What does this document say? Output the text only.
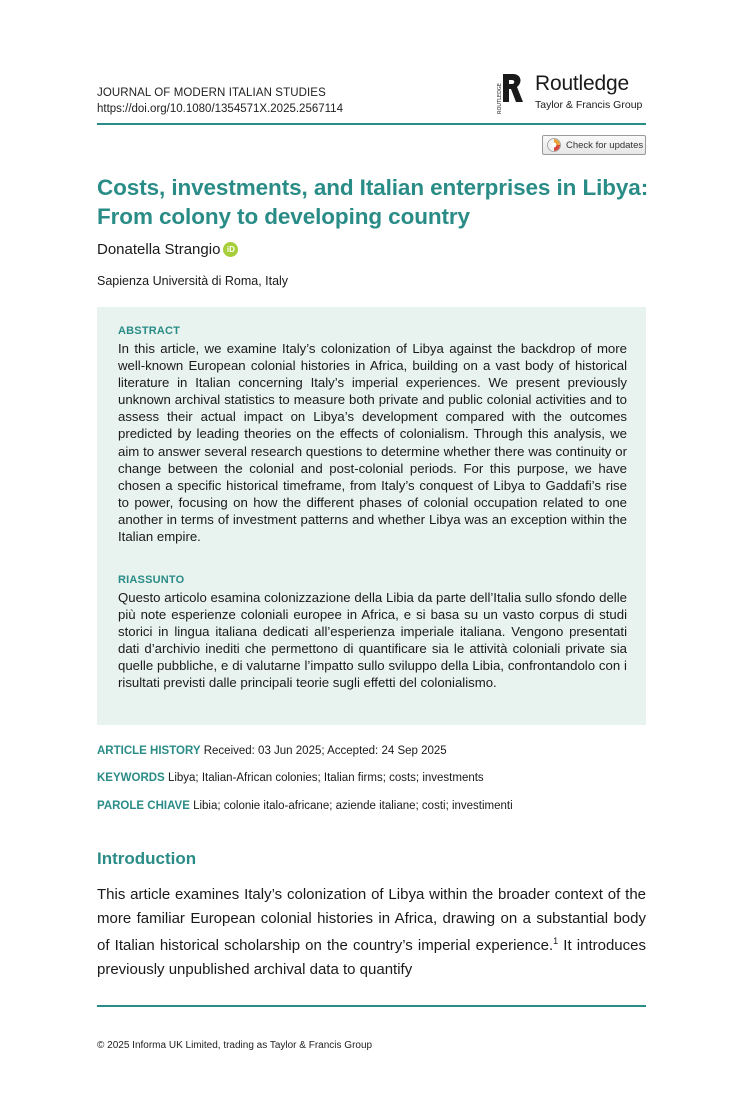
JOURNAL OF MODERN ITALIAN STUDIES
https://doi.org/10.1080/1354571X.2025.2567114	ROUTLEDGE Routledge
Taylor & Francis Group
Check for updates
Costs, investments, and Italian enterprises in Libya:
From colony to developing country
Donatella Strangio iD
Sapienza Università di Roma, Italy
ABSTRACT
In this article, we examine Italy’s colonization of Libya against the backdrop of more well-known European colonial histories in Africa, building on a vast body of historical literature in Italian concerning Italy’s imperial experiences. We present previously unknown archival statistics to measure both private and public colonial activities and to assess their actual impact on Libya’s development compared with the outcomes predicted by leading theories on the effects of colonialism. Through this analysis, we aim to answer several research questions to determine whether there was continuity or change between the colonial and post-colonial periods. For this purpose, we have chosen a specific historical timeframe, from Italy’s conquest of Libya to Gaddafi’s rise to power, focusing on how the different phases of colonial occupation related to one another in terms of investment patterns and whether Libya was an exception within the Italian empire.
RIASSUNTO
Questo articolo esamina colonizzazione della Libia da parte dell’Italia sullo sfondo delle più note esperienze coloniali europee in Africa, e si basa su un vasto corpus di studi storici in lingua italiana dedicati all’esperienza imperiale italiana. Vengono presentati dati d’archivio inediti che permettono di quantificare sia le attività coloniali private sia quelle pubbliche, e di valutarne l’impatto sullo sviluppo della Libia, confrontandolo con i risultati previsti dalle principali teorie sugli effetti del colonialismo.
ARTICLE HISTORY Received: 03 Jun 2025; Accepted: 24 Sep 2025
KEYWORDS Libya; Italian-African colonies; Italian firms; costs; investments
PAROLE CHIAVE Libia; colonie italo-africane; aziende italiane; costi; investimenti
Introduction
This article examines Italy’s colonization of Libya within the broader context of the more familiar European colonial histories in Africa, drawing on a substantial body of Italian historical scholarship on the country’s imperial experience.$^1$ It introduces previously unpublished archival data to quantify
© 2025 Informa UK Limited, trading as Taylor & Francis Group
